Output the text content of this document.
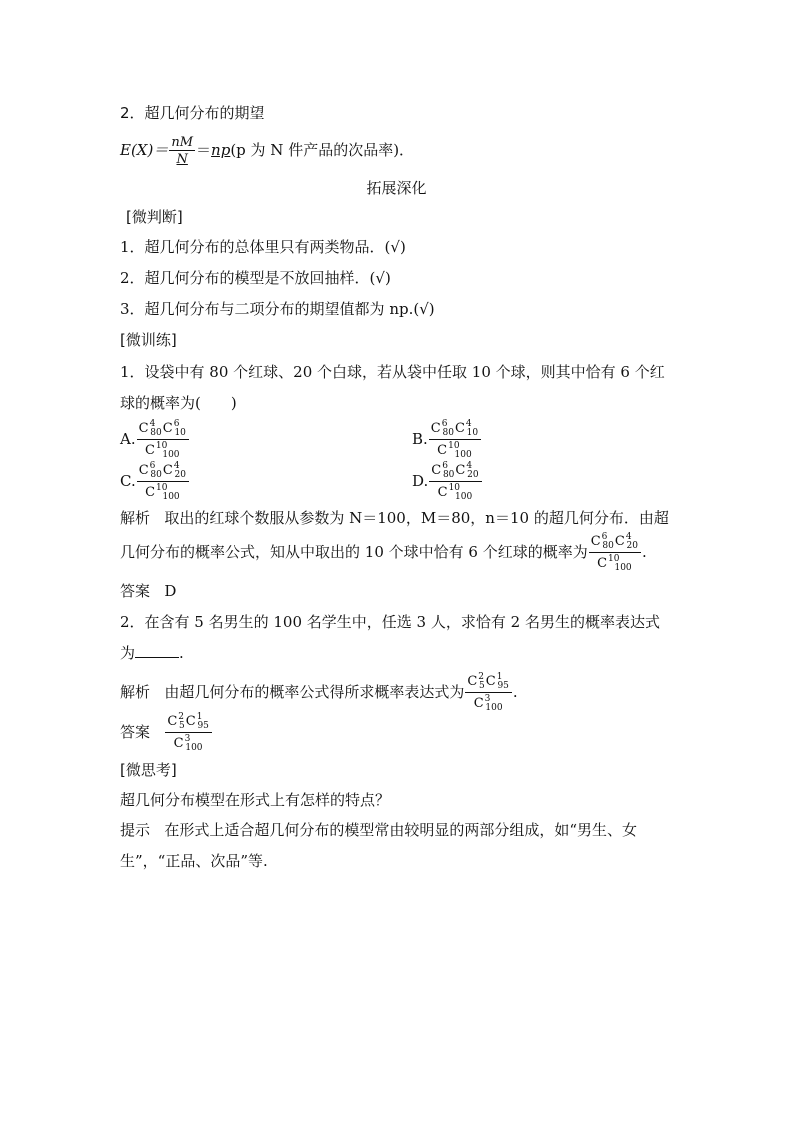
2．超几何分布的期望
$E(X)= \frac{nM}{N} =np(p$ 为 N 件产品的次品率)．
拓展深化
[微判断]
1．超几何分布的总体里只有两类物品．(√)
2．超几何分布的模型是不放回抽样．(√)
3．超几何分布与二项分布的期望值都为 np.(√)
[微训练]
1．设袋中有 80 个红球、20 个白球，若从袋中任取 10 个球，则其中恰有 6 个红
球的概率为(　　)
A. $\frac{C^4_{80}C^6_{10}}{C^{10}_{100}}$	B. $\frac{C^6_{80}C^4_{10}}{C^{10}_{100}}$
C. $\frac{C^6_{80}C^4_{20}}{C^{10}_{100}}$	D. $\frac{C^6_{80}C^4_{20}}{C^{10}_{100}}$
解析 取出的红球个数服从参数为 N＝100，M＝80，n＝10 的超几何分布．由超
几何分布的概率公式，知从中取出的 10 个球中恰有 6 个红球的概率为 $\frac{C^6_{80}C^4_{20}}{C^{10}_{100}}$ .
答案 D
2．在含有 5 名男生的 100 名学生中，任选 3 人，求恰有 2 名男生的概率表达式
为	.
解析 由超几何分布的概率公式得所求概率表达式为 $\frac{C^2_5C^1_{95}}{C^3_{100}}$ .
答案 $\frac{C^2_5C^1_{95}}{C^3_{100}}$
[微思考]
超几何分布模型在形式上有怎样的特点？
提示 在形式上适合超几何分布的模型常由较明显的两部分组成，如“男生、女
生”，“正品、次品”等.
